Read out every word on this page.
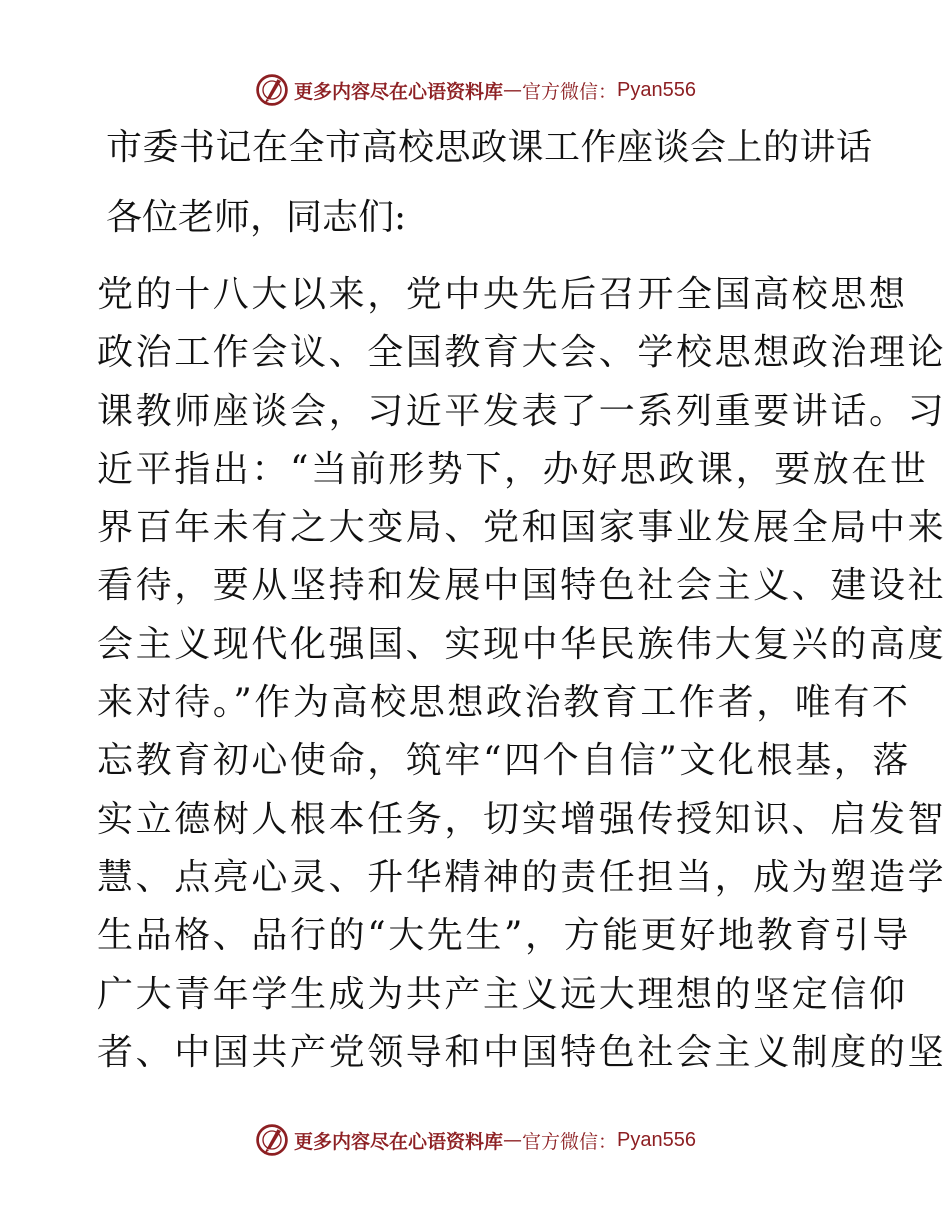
更多内容尽在心语资料库 — 官方微信： Pyan556
市委书记在全市高校思政课工作座谈会上的讲话
各位老师，同志们:
党的十八大以来，党中央先后召开全国高校思想
政治工作会议、全国教育大会、学校思想政治理论
课教师座谈会，习近平发表了一系列重要讲话。习
近平指出：“当前形势下，办好思政课，要放在世
界百年未有之大变局、党和国家事业发展全局中来
看待，要从坚持和发展中国特色社会主义、建设社
会主义现代化强国、实现中华民族伟大复兴的高度
来对待。”作为高校思想政治教育工作者，唯有不
忘教育初心使命，筑牢“四个自信”文化根基，落
实立德树人根本任务，切实增强传授知识、启发智
慧、点亮心灵、升华精神的责任担当，成为塑造学
生品格、品行的“大先生”，方能更好地教育引导
广大青年学生成为共产主义远大理想的坚定信仰
者、中国共产党领导和中国特色社会主义制度的坚
更多内容尽在心语资料库 — 官方微信： Pyan556
